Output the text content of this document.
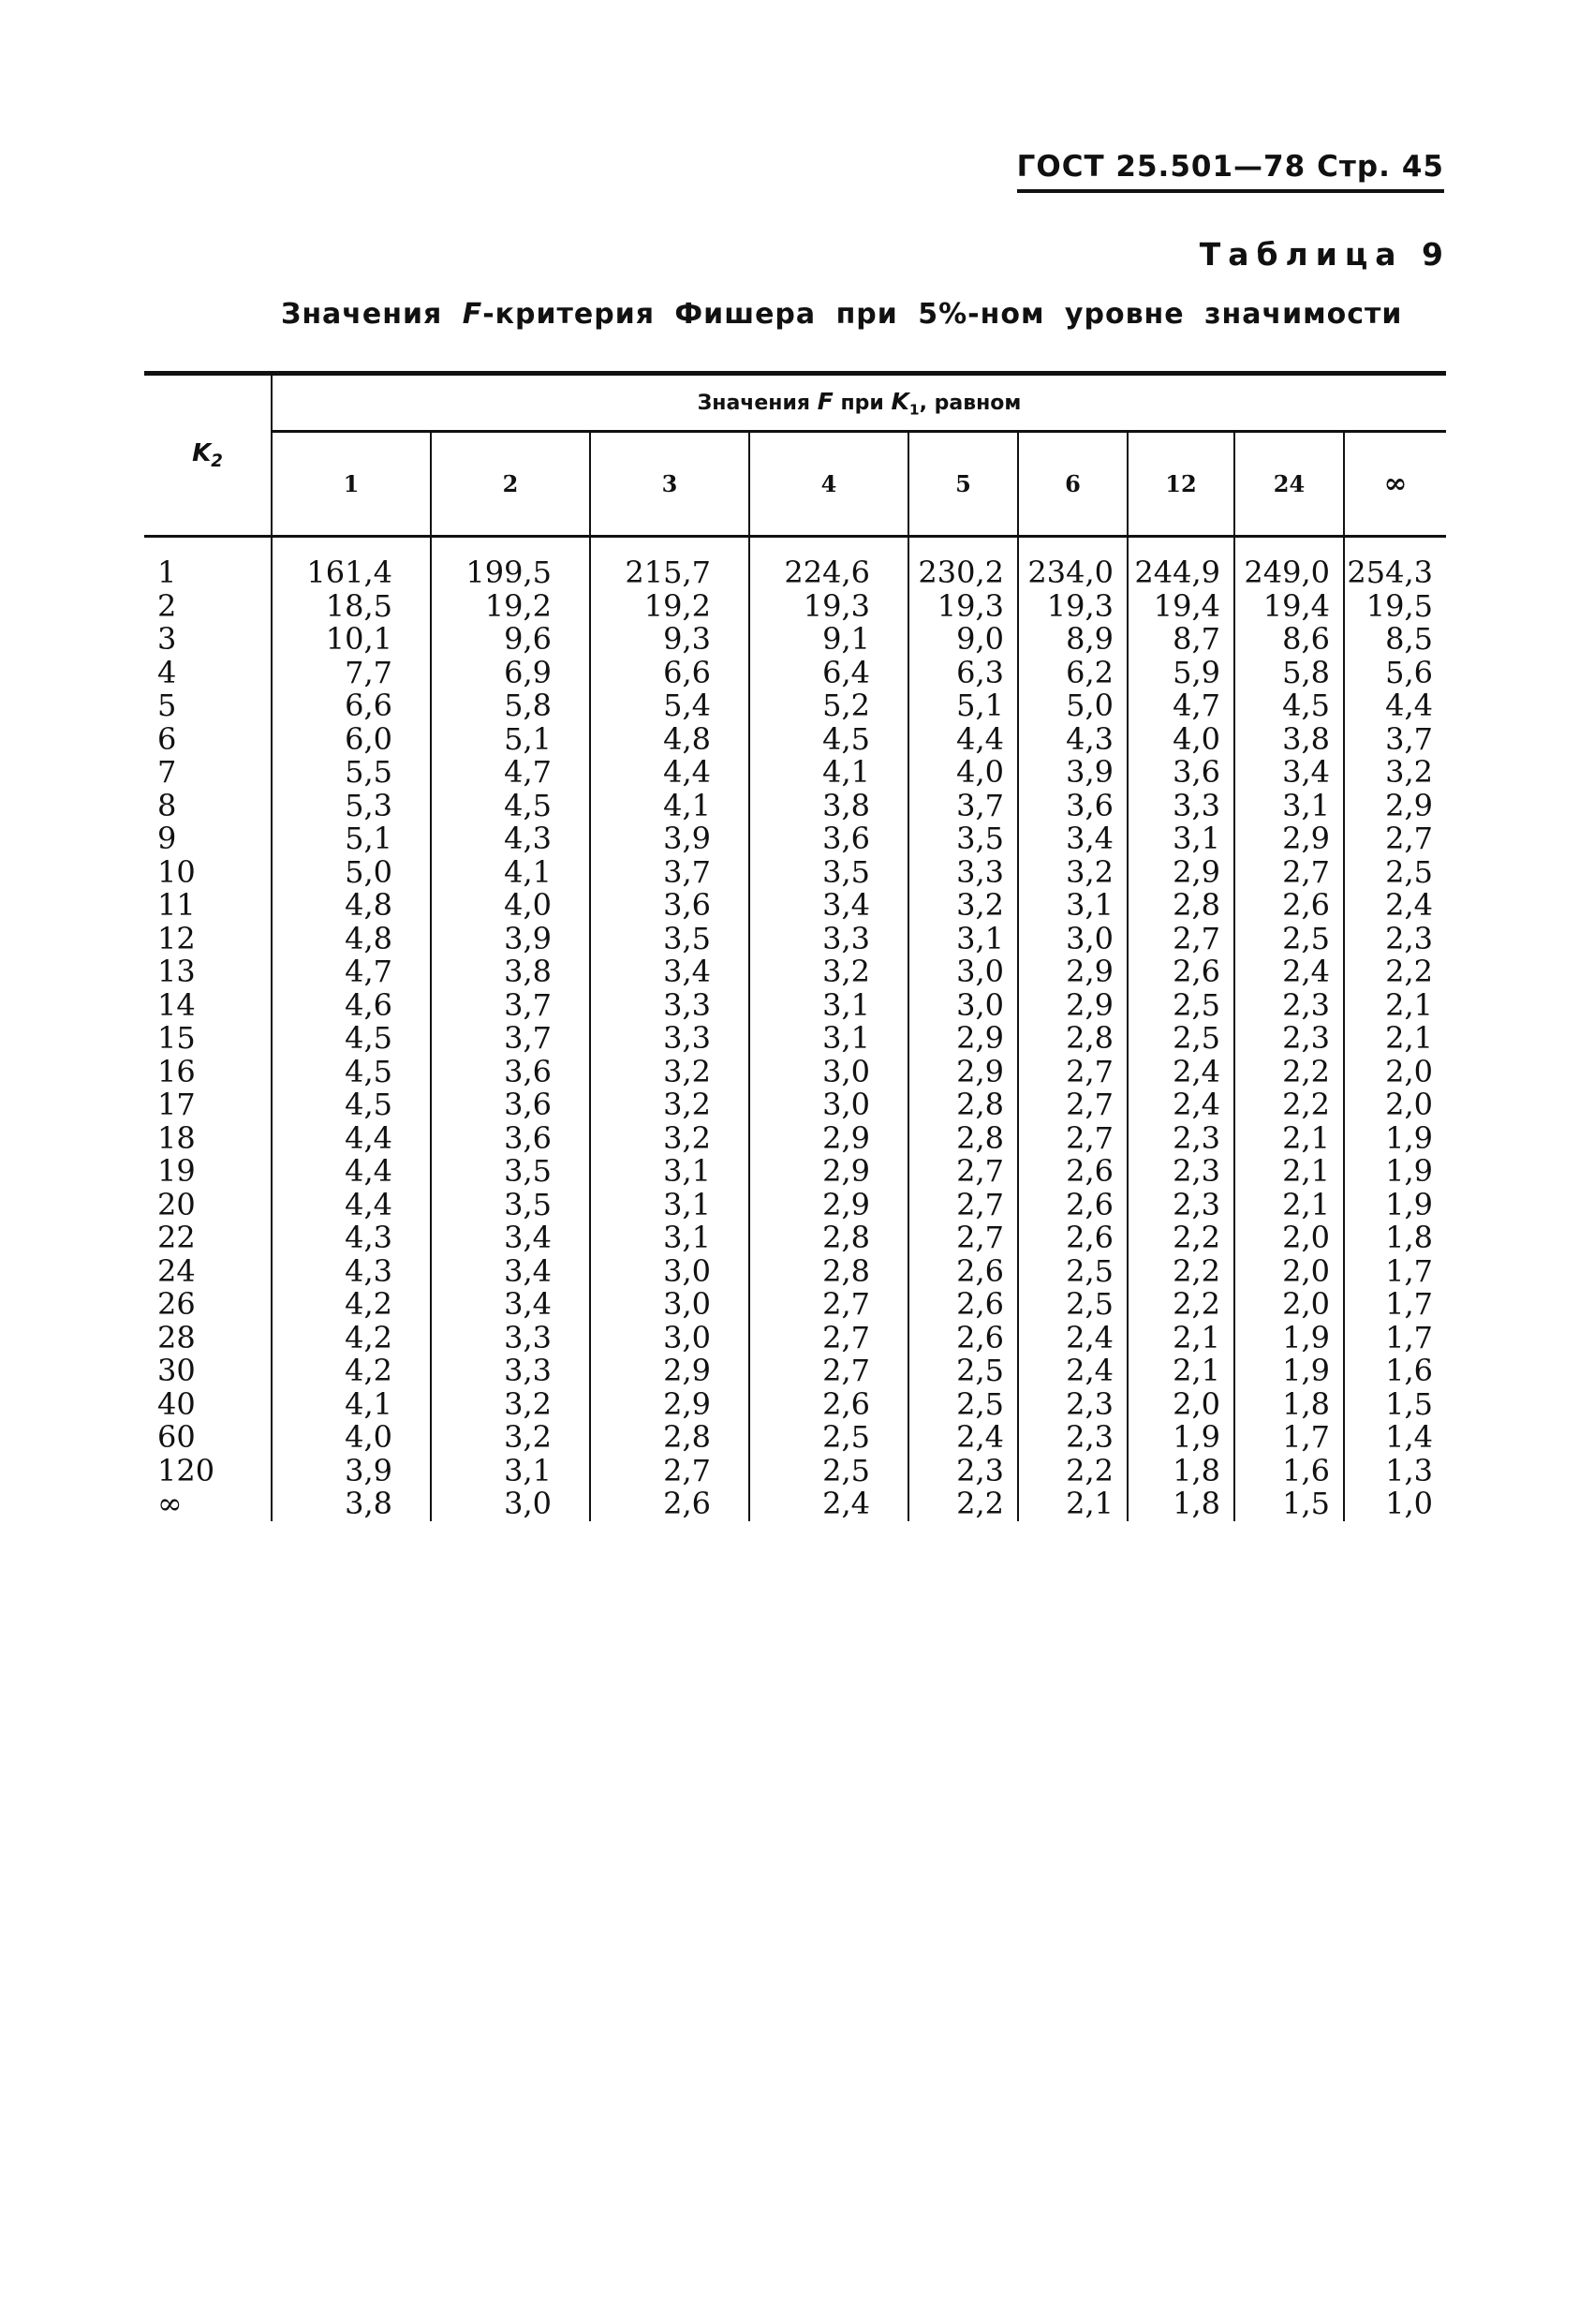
ГОСТ 25.501—78 Стр. 45
Таблица 9
Значения F-критерия Фишера при 5%-ном уровне значимости
$K_2$	Значения F при $K_1$, равном								
	1	2	3	4	5	6	12	24	∞

1	161,4	199,5	215,7	224,6	230,2	234,0	244,9	249,0	254,3
2	18,5	19,2	19,2	19,3	19,3	19,3	19,4	19,4	19,5
3	10,1	9,6	9,3	9,1	9,0	8,9	8,7	8,6	8,5
4	7,7	6,9	6,6	6,4	6,3	6,2	5,9	5,8	5,6
5	6,6	5,8	5,4	5,2	5,1	5,0	4,7	4,5	4,4
6	6,0	5,1	4,8	4,5	4,4	4,3	4,0	3,8	3,7
7	5,5	4,7	4,4	4,1	4,0	3,9	3,6	3,4	3,2
8	5,3	4,5	4,1	3,8	3,7	3,6	3,3	3,1	2,9
9	5,1	4,3	3,9	3,6	3,5	3,4	3,1	2,9	2,7
10	5,0	4,1	3,7	3,5	3,3	3,2	2,9	2,7	2,5
11	4,8	4,0	3,6	3,4	3,2	3,1	2,8	2,6	2,4
12	4,8	3,9	3,5	3,3	3,1	3,0	2,7	2,5	2,3
13	4,7	3,8	3,4	3,2	3,0	2,9	2,6	2,4	2,2
14	4,6	3,7	3,3	3,1	3,0	2,9	2,5	2,3	2,1
15	4,5	3,7	3,3	3,1	2,9	2,8	2,5	2,3	2,1
16	4,5	3,6	3,2	3,0	2,9	2,7	2,4	2,2	2,0
17	4,5	3,6	3,2	3,0	2,8	2,7	2,4	2,2	2,0
18	4,4	3,6	3,2	2,9	2,8	2,7	2,3	2,1	1,9
19	4,4	3,5	3,1	2,9	2,7	2,6	2,3	2,1	1,9
20	4,4	3,5	3,1	2,9	2,7	2,6	2,3	2,1	1,9
22	4,3	3,4	3,1	2,8	2,7	2,6	2,2	2,0	1,8
24	4,3	3,4	3,0	2,8	2,6	2,5	2,2	2,0	1,7
26	4,2	3,4	3,0	2,7	2,6	2,5	2,2	2,0	1,7
28	4,2	3,3	3,0	2,7	2,6	2,4	2,1	1,9	1,7
30	4,2	3,3	2,9	2,7	2,5	2,4	2,1	1,9	1,6
40	4,1	3,2	2,9	2,6	2,5	2,3	2,0	1,8	1,5
60	4,0	3,2	2,8	2,5	2,4	2,3	1,9	1,7	1,4
120	3,9	3,1	2,7	2,5	2,3	2,2	1,8	1,6	1,3
∞	3,8	3,0	2,6	2,4	2,2	2,1	1,8	1,5	1,0
